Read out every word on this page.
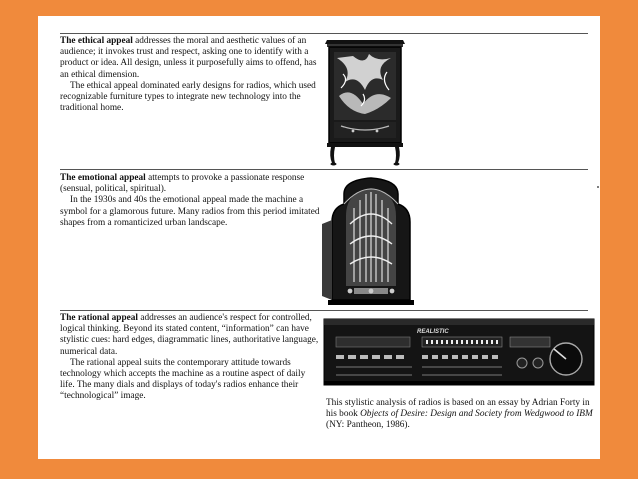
The ethical appeal addresses the moral and aesthetic values of an audience; it invokes trust and respect, asking one to identify with a product or idea. All design, unless it purposefully aims to offend, has an ethical dimension.

The ethical appeal dominated early designs for radios, which used recognizable furniture types to integrate new technology into the traditional home.

The emotional appeal attempts to provoke a passionate response (sensual, political, spiritual).

In the 1930s and 40s the emotional appeal made the machine a symbol for a glamorous future. Many radios from this period imitated shapes from a romanticized urban landscape.

The rational appeal addresses an audience's respect for controlled, logical thinking. Beyond its stated content, “information” can have stylistic cues: hard edges, diagrammatic lines, authoritative language, numerical data.

The rational appeal suits the contemporary attitude towards technology which accepts the machine as a routine aspect of daily life. The many dials and displays of today's radios enhance their “technological” image.

REALISTIC
This stylistic analysis of radios is based on an essay by Adrian Forty in his book Objects of Desire: Design and Society from Wedgwood to IBM (NY: Pantheon, 1986).
